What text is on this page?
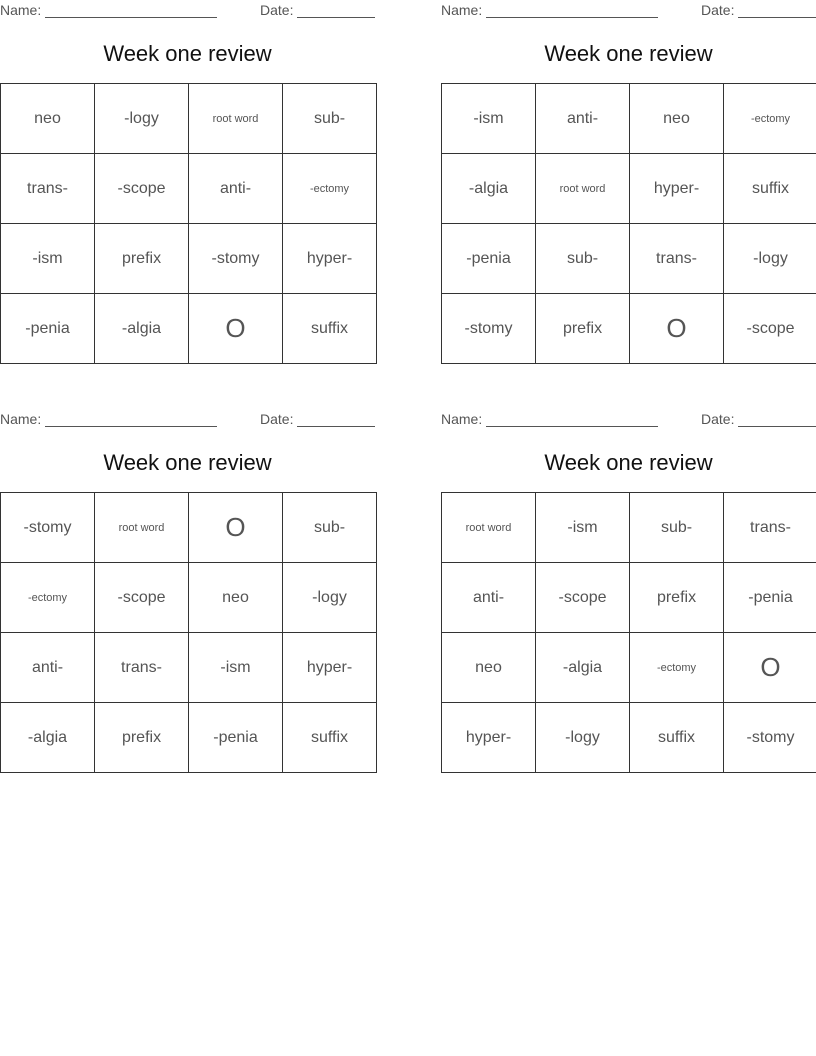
Name:	Date:
Week one review
neo	-logy	root word	sub-
trans-	-scope	anti-	-ectomy
-ism	prefix	-stomy	hyper-
-penia	-algia	O	suffix
Name:	Date:
Week one review
-ism	anti-	neo	-ectomy
-algia	root word	hyper-	suffix
-penia	sub-	trans-	-logy
-stomy	prefix	O	-scope
Name:	Date:
Week one review
-stomy	root word	O	sub-
-ectomy	-scope	neo	-logy
anti-	trans-	-ism	hyper-
-algia	prefix	-penia	suffix
Name:	Date:
Week one review
root word	-ism	sub-	trans-
anti-	-scope	prefix	-penia
neo	-algia	-ectomy	O
hyper-	-logy	suffix	-stomy
